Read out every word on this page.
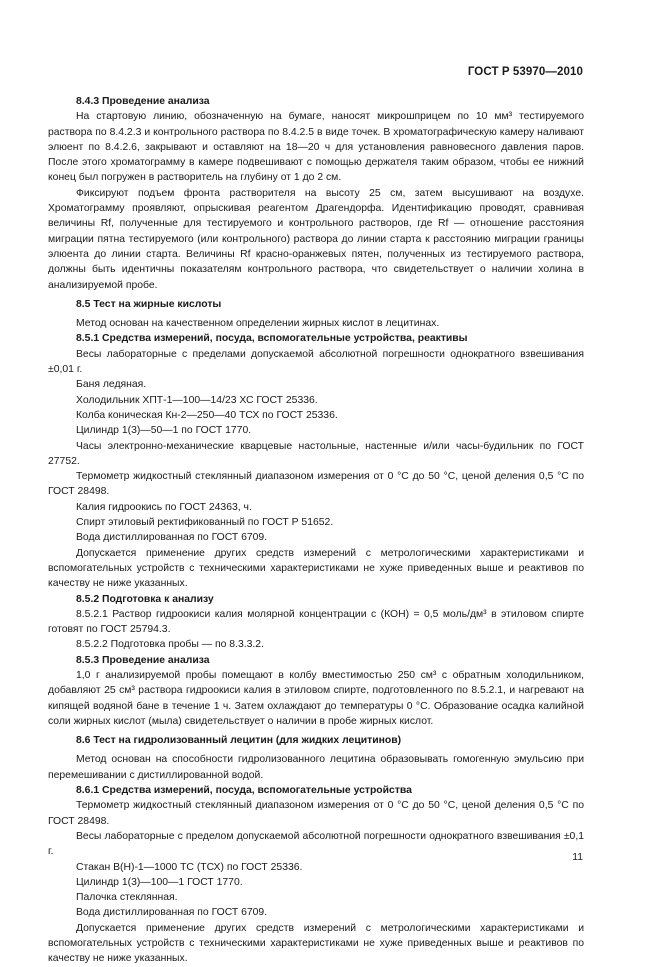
ГОСТ Р 53970—2010

8.4.3 Проведение анализа

На стартовую линию, обозначенную на бумаге, наносят микрошприцем по 10 мм³ тестируемого раствора по 8.4.2.3 и контрольного раствора по 8.4.2.5 в виде точек. В хроматографическую камеру наливают элюент по 8.4.2.6, закрывают и оставляют на 18—20 ч для установления равновесного давления паров. После этого хроматограмму в камере подвешивают с помощью держателя таким образом, чтобы ее нижний конец был погружен в растворитель на глубину от 1 до 2 см.

Фиксируют подъем фронта растворителя на высоту 25 см, затем высушивают на воздухе. Хроматограмму проявляют, опрыскивая реагентом Драгендорфа. Идентификацию проводят, сравнивая величины Rf, полученные для тестируемого и контрольного растворов, где Rf — отношение расстояния миграции пятна тестируемого (или контрольного) раствора до линии старта к расстоянию миграции границы элюента до линии старта. Величины Rf красно-оранжевых пятен, полученных из тестируемого раствора, должны быть идентичны показателям контрольного раствора, что свидетельствует о наличии холина в анализируемой пробе.

8.5 Тест на жирные кислоты

Метод основан на качественном определении жирных кислот в лецитинах.

8.5.1 Средства измерений, посуда, вспомогательные устройства, реактивы

Весы лабораторные с пределами допускаемой абсолютной погрешности однократного взвешивания ±0,01 г.

Баня ледяная.

Холодильник ХПТ-1—100—14/23 ХС ГОСТ 25336.

Колба коническая Кн-2—250—40 ТСХ по ГОСТ 25336.

Цилиндр 1(3)—50—1 по ГОСТ 1770.

Часы электронно-механические кварцевые настольные, настенные и/или часы-будильник по ГОСТ 27752.

Термометр жидкостный стеклянный диапазоном измерения от 0 °С до 50 °С, ценой деления 0,5 °С по ГОСТ 28498.

Калия гидроокись по ГОСТ 24363, ч.

Спирт этиловый ректификованный по ГОСТ Р 51652.

Вода дистиллированная по ГОСТ 6709.

Допускается применение других средств измерений с метрологическими характеристиками и вспомогательных устройств с техническими характеристиками не хуже приведенных выше и реактивов по качеству не ниже указанных.

8.5.2 Подготовка к анализу

8.5.2.1 Раствор гидроокиси калия молярной концентрации с (КОН) = 0,5 моль/дм³ в этиловом спирте готовят по ГОСТ 25794.3.

8.5.2.2 Подготовка пробы — по 8.3.3.2.

8.5.3 Проведение анализа

1,0 г анализируемой пробы помещают в колбу вместимостью 250 см³ с обратным холодильником, добавляют 25 см³ раствора гидроокиси калия в этиловом спирте, подготовленного по 8.5.2.1, и нагревают на кипящей водяной бане в течение 1 ч. Затем охлаждают до температуры 0 °С. Образование осадка калийной соли жирных кислот (мыла) свидетельствует о наличии в пробе жирных кислот.

8.6 Тест на гидролизованный лецитин (для жидких лецитинов)

Метод основан на способности гидролизованного лецитина образовывать гомогенную эмульсию при перемешивании с дистиллированной водой.

8.6.1 Средства измерений, посуда, вспомогательные устройства

Термометр жидкостный стеклянный диапазоном измерения от 0 °С до 50 °С, ценой деления 0,5 °С по ГОСТ 28498.

Весы лабораторные с пределом допускаемой абсолютной погрешности однократного взвешивания ±0,1 г.

Стакан В(Н)-1—1000 ТС (ТСХ) по ГОСТ 25336.

Цилиндр 1(3)—100—1 ГОСТ 1770.

Палочка стеклянная.

Вода дистиллированная по ГОСТ 6709.

Допускается применение других средств измерений с метрологическими характеристиками и вспомогательных устройств с техническими характеристиками не хуже приведенных выше и реактивов по качеству не ниже указанных.

11
